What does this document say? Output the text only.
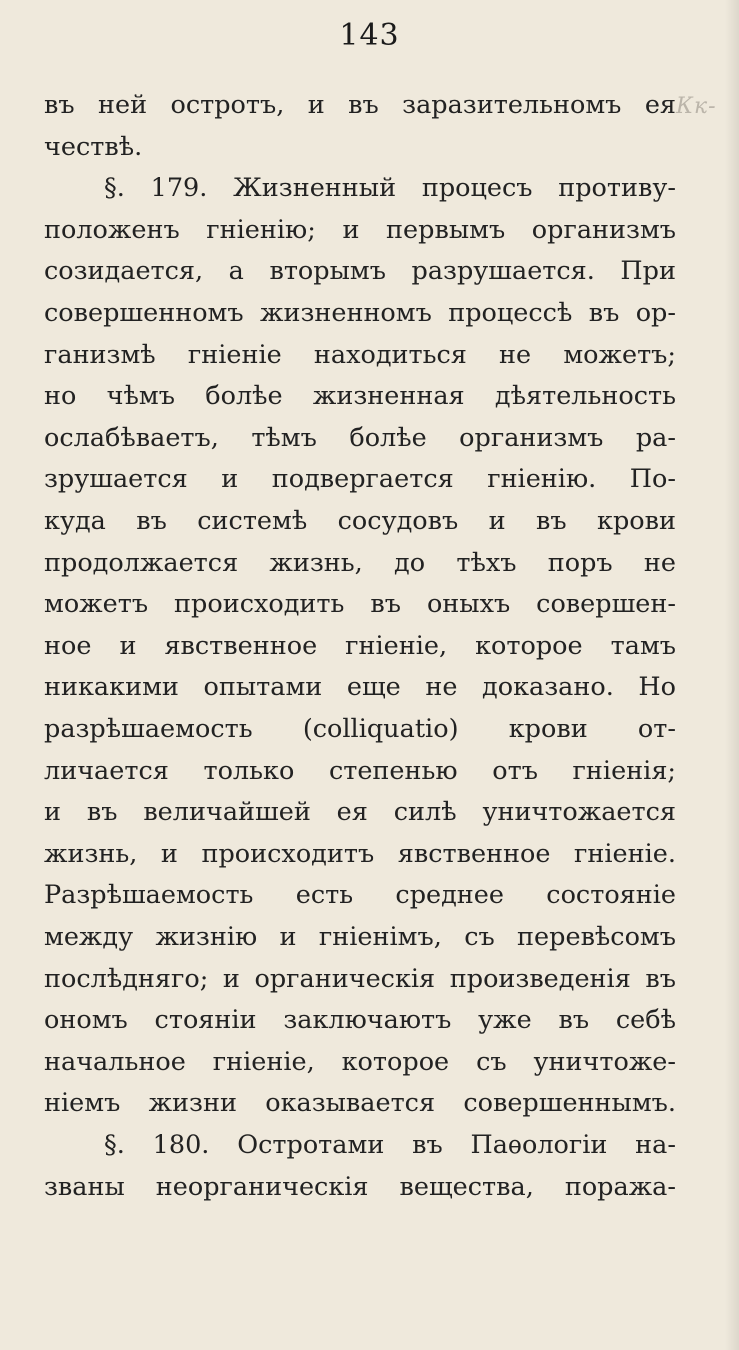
143
Кк-
въ ней остротъ, и въ заразительномъ ея
чествѣ.
§. 179. Жизненный процесъ противу-
положенъ гніенію; и первымъ организмъ
созидается, а вторымъ разрушается. При
совершенномъ жизненномъ процессѣ въ ор-
ганизмѣ гніеніе находиться не можетъ;
но чѣмъ болѣе жизненная дѣятельность
ослабѣваетъ, тѣмъ болѣе организмъ ра-
зрушается и подвергается гніенію. По-
куда въ системѣ сосудовъ и въ крови
продолжается жизнь, до тѣхъ поръ не
можетъ происходить въ оныхъ совершен-
ное и явственное гніеніе, которое тамъ
никакими опытами еще не доказано. Но
разрѣшаемость (colliquatio) крови от-
личается только степенью отъ гніенія;
и въ величайшей ея силѣ уничтожается
жизнь, и происходитъ явственное гніеніе.
Разрѣшаемость есть среднее состояніе
между жизнію и гніенімъ, съ перевѣсомъ
послѣдняго; и органическія произведенія въ
ономъ стояніи заключаютъ уже въ себѣ
начальное гніеніе, которое съ уничтоже-
ніемъ жизни оказывается совершеннымъ.
§. 180. Остротами въ Паѳологіи на-
званы неорганическія вещества, поража-
